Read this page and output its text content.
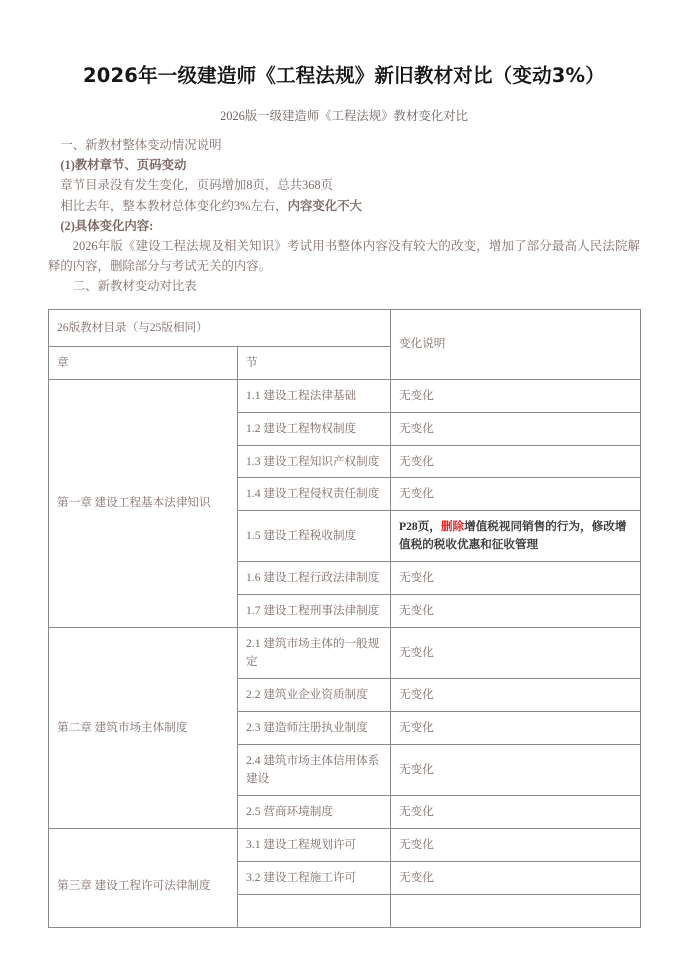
2026年一级建造师《工程法规》新旧教材对比（变动3%）
2026版一级建造师《工程法规》教材变化对比

一、新教材整体变动情况说明

(1)教材章节、页码变动

章节目录没有发生变化，页码增加8页，总共368页

相比去年，整本教材总体变化约3%左右，内容变化不大

(2)具体变化内容:

2026年版《建设工程法规及相关知识》考试用书整体内容没有较大的改变，增加了部分最高人民法院解释的内容，删除部分与考试无关的内容。

二、新教材变动对比表

26版教材目录（与25版相同）		变化说明
章	节	
第一章 建设工程基本法律知识	1.1 建设工程法律基础	无变化
	1.2 建设工程物权制度	无变化
	1.3 建设工程知识产权制度	无变化
	1.4 建设工程侵权责任制度	无变化
	1.5 建设工程税收制度	P28页，删除增值税视同销售的行为，修改增值税的税收优惠和征收管理
	1.6 建设工程行政法律制度	无变化
	1.7 建设工程刑事法律制度	无变化
第二章 建筑市场主体制度	2.1 建筑市场主体的一般规定	无变化
	2.2 建筑业企业资质制度	无变化
	2.3 建造师注册执业制度	无变化
	2.4 建筑市场主体信用体系建设	无变化
	2.5 营商环境制度	无变化
第三章 建设工程许可法律制度	3.1 建设工程规划许可	无变化
	3.2 建设工程施工许可	无变化
